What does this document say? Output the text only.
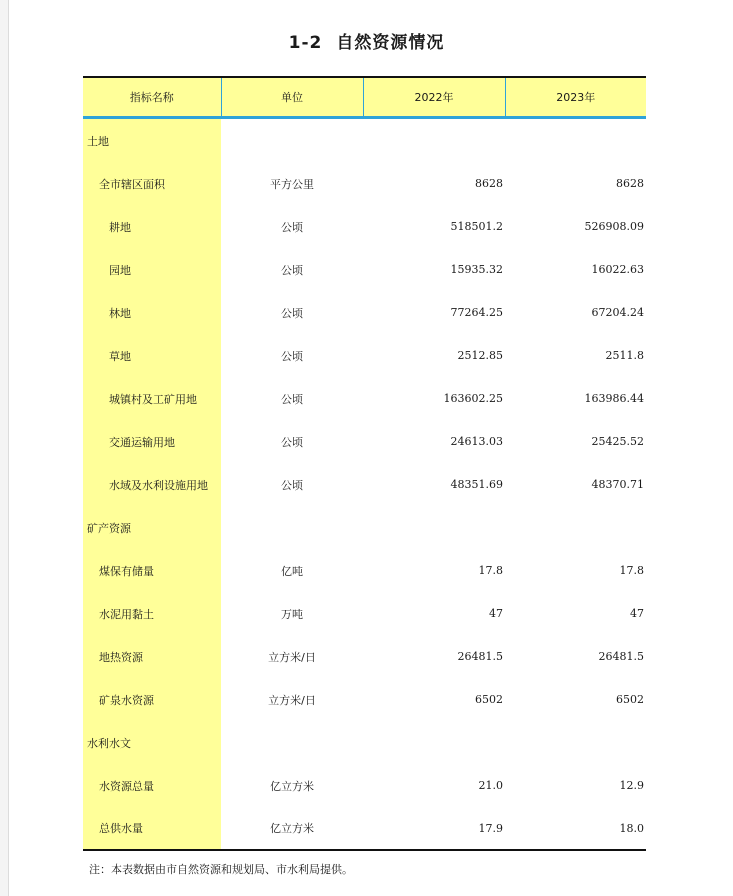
1-2 自然资源情况
指标名称	单位	2022年	2023年

土地			
全市辖区面积	平方公里	8628	8628
耕地	公顷	518501.2	526908.09
园地	公顷	15935.32	16022.63
林地	公顷	77264.25	67204.24
草地	公顷	2512.85	2511.8
城镇村及工矿用地	公顷	163602.25	163986.44
交通运输用地	公顷	24613.03	25425.52
水域及水利设施用地	公顷	48351.69	48370.71
矿产资源			
煤保有储量	亿吨	17.8	17.8
水泥用黏土	万吨	47	47
地热资源	立方米/日	26481.5	26481.5
矿泉水资源	立方米/日	6502	6502
水利水文			
水资源总量	亿立方米	21.0	12.9
总供水量	亿立方米	17.9	18.0
注：本表数据由市自然资源和规划局、市水利局提供。
